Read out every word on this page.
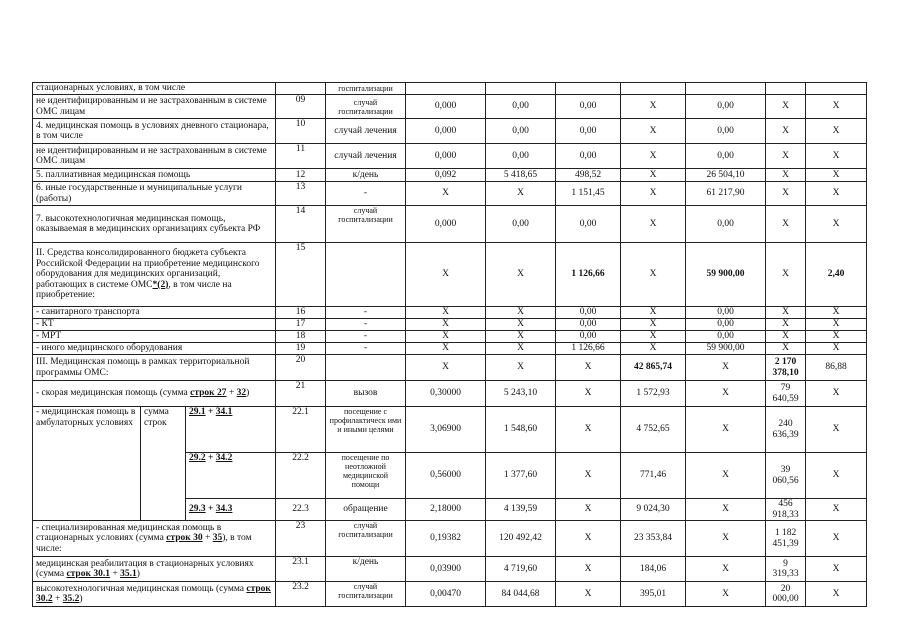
стационарных условиях, в том числе				госпитализации							
не идентифицированным и не застрахованным в системе ОМС лицам			09	случай госпитализации	0,000	0,00	0,00	Х	0,00	Х	Х
4. медицинская помощь в условиях дневного стационара, в том числе			10	случай лечения	0,000	0,00	0,00	Х	0,00	Х	Х
не идентифицированным и не застрахованным в системе ОМС лицам			11	случай лечения	0,000	0,00	0,00	Х	0,00	Х	Х
5. паллиативная медицинская помощь			12	к/день	0,092	5 418,65	498,52	Х	26 504,10	Х	Х
6. иные государственные и муниципальные услуги (работы)			13	-	Х	Х	1 151,45	Х	61 217,90	Х	Х
7. высокотехнологичная медицинская помощь, оказываемая в медицинских организациях субъекта РФ			14	случай госпитализации	0,000	0,00	0,00	Х	0,00	Х	Х
II. Средства консолидированного бюджета субъекта Российской Федерации на приобретение медицинского оборудования для медицинских организаций, работающих в системе ОМС*(2), в том числе на приобретение:			15		Х	Х	1 126,66	Х	59 900,00	Х	2,40
- санитарного транспорта			16	-	Х	Х	0,00	Х	0,00	Х	Х
- КТ			17	-	Х	Х	0,00	Х	0,00	Х	Х
- МРТ			18	-	Х	Х	0,00	Х	0,00	Х	Х
- иного медицинского оборудования			19	-	Х	Х	1 126,66	Х	59 900,00	Х	Х
III. Медицинская помощь в рамках территориальной программы ОМС:			20		Х	Х	Х	42 865,74	Х	2 170 378,10	86,88
- скорая медицинская помощь (сумма строк 27 + 32)			21	вызов	0,30000	5 243,10	Х	1 572,93	Х	79 640,59	Х
- медицинская помощь в амбулаторных условиях	сумма строк	29.1 + 34.1	22.1	посещение с профилактическ ими и иными целями	3,06900	1 548,60	Х	4 752,65	Х	240 636,39	Х
		29.2 + 34.2	22.2	посещение по неотложной медицинской помощи	0,56000	1 377,60	Х	771,46	Х	39 060,56	Х
		29.3 + 34.3	22.3	обращение	2,18000	4 139,59	Х	9 024,30	Х	456 918,33	Х
- специализированная медицинская помощь в стационарных условиях (сумма строк 30 + 35), в том числе:			23	случай госпитализации	0,19382	120 492,42	Х	23 353,84	Х	1 182 451,39	Х
медицинская реабилитация в стационарных условиях (сумма строк 30.1 + 35.1)			23.1	к/день	0,03900	4 719,60	Х	184,06	Х	9 319,33	Х
высокотехнологичная медицинская помощь (сумма строк 30.2 + 35.2)			23.2	случай госпитализации	0,00470	84 044,68	Х	395,01	Х	20 000,00	Х
